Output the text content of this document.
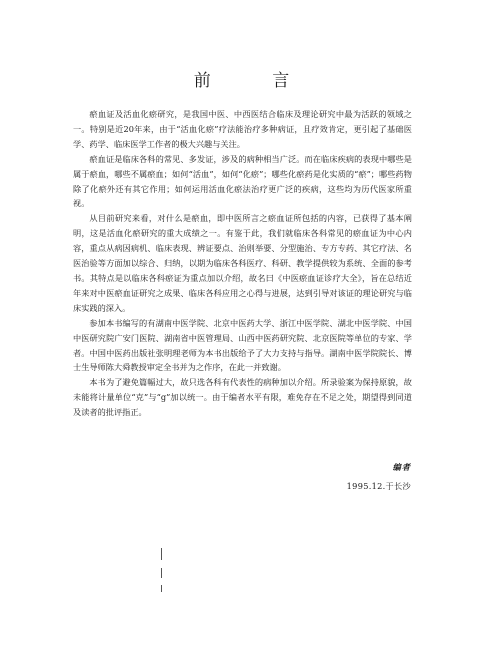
前 言

瘀血证及活血化瘀研究，是我国中医、中西医结合临床及理论研究中最为活跃的领域之一。特别是近20年来，由于“活血化瘀”疗法能治疗多种病证，且疗效肯定，更引起了基础医学、药学、临床医学工作者的极大兴趣与关注。

瘀血证是临床各科的常见、多发证，涉及的病种相当广泛。而在临床疾病的表现中哪些是属于瘀血，哪些不属瘀血；如何“活血”，如何“化瘀”；哪些化瘀药是化实质的“瘀”；哪些药物除了化瘀外还有其它作用；如何运用活血化瘀法治疗更广泛的疾病，这些均为历代医家所重视。

从目前研究来看，对什么是瘀血，即中医所言之瘀血证所包括的内容，已获得了基本阐明，这是活血化瘀研究的重大成绩之一。有鉴于此，我们就临床各科常见的瘀血证为中心内容，重点从病因病机、临床表现、辨证要点、治则举要、分型施治、专方专药、其它疗法、名医治验等方面加以综合、归纳，以期为临床各科医疗、科研、教学提供较为系统、全面的参考书。其特点是以临床各科瘀证为重点加以介绍，故名曰《中医瘀血证诊疗大全》，旨在总结近年来对中医瘀血证研究之成果、临床各科应用之心得与进展，达到引导对该证的理论研究与临床实践的深入。

参加本书编写的有湖南中医学院、北京中医药大学、浙江中医学院、湖北中医学院、中国中医研究院广安门医院、湖南省中医管理局、山西中医药研究院、北京医院等单位的专家、学者。中国中医药出版社张明理老师为本书出版给予了大力支持与指导。湖南中医学院院长、博士生导师陈大舜教授审定全书并为之作序，在此一并致谢。

本书为了避免篇幅过大，故只选各科有代表性的病种加以介绍。所录验案为保持原貌，故未能将计量单位“克”与“g”加以统一。由于编者水平有限，难免存在不足之处，期望得到同道及读者的批评指正。

编者

1995.12.于长沙
